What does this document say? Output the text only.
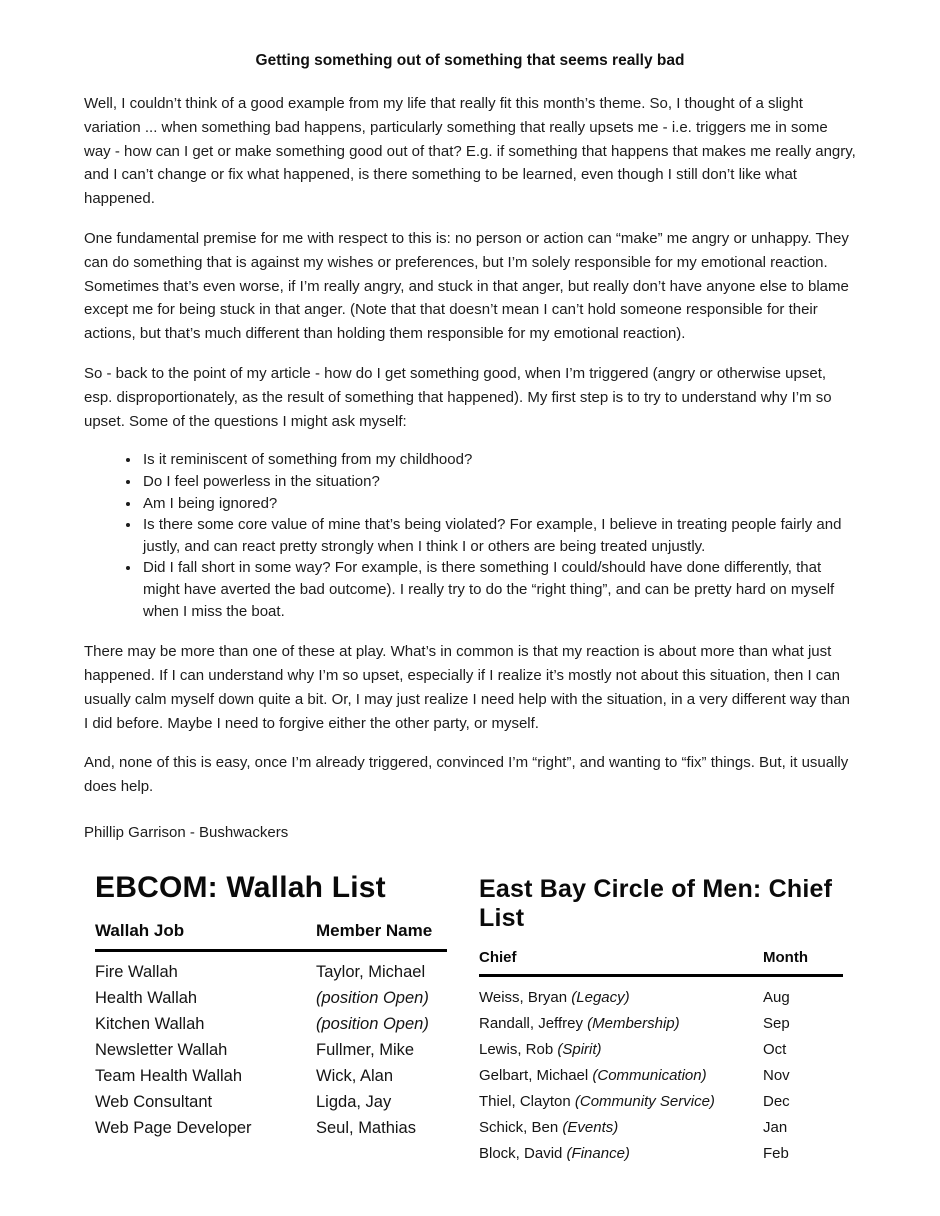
Getting something out of something that seems really bad

Well, I couldn’t think of a good example from my life that really fit this month’s theme. So, I thought of a slight variation ... when something bad happens, particularly something that really upsets me - i.e. triggers me in some way - how can I get or make something good out of that? E.g. if something that happens that makes me really angry, and I can’t change or fix what happened, is there something to be learned, even though I still don’t like what happened.

One fundamental premise for me with respect to this is: no person or action can “make” me angry or unhappy. They can do something that is against my wishes or preferences, but I’m solely responsible for my emotional reaction. Sometimes that’s even worse, if I’m really angry, and stuck in that anger, but really don’t have anyone else to blame except me for being stuck in that anger. (Note that that doesn’t mean I can’t hold someone responsible for their actions, but that’s much different than holding them responsible for my emotional reaction).

So - back to the point of my article - how do I get something good, when I’m triggered (angry or otherwise upset, esp. disproportionately, as the result of something that happened). My first step is to try to understand why I’m so upset. Some of the questions I might ask myself:

• Is it reminiscent of something from my childhood?
• Do I feel powerless in the situation?
• Am I being ignored?
• Is there some core value of mine that’s being violated? For example, I believe in treating people fairly and justly, and can react pretty strongly when I think I or others are being treated unjustly.
• Did I fall short in some way? For example, is there something I could/should have done differently, that might have averted the bad outcome). I really try to do the “right thing”, and can be pretty hard on myself when I miss the boat.

There may be more than one of these at play. What’s in common is that my reaction is about more than what just happened. If I can understand why I’m so upset, especially if I realize it’s mostly not about this situation, then I can usually calm myself down quite a bit. Or, I may just realize I need help with the situation, in a very different way than I did before. Maybe I need to forgive either the other party, or myself.

And, none of this is easy, once I’m already triggered, convinced I’m “right”, and wanting to “fix” things. But, it usually does help.

Phillip Garrison - Bushwackers

EBCOM: Wallah List
Wallah Job	Member Name
Fire Wallah	Taylor, Michael
Health Wallah	(position Open)
Kitchen Wallah	(position Open)
Newsletter Wallah	Fullmer, Mike
Team Health Wallah	Wick, Alan
Web Consultant	Ligda, Jay
Web Page Developer	Seul, Mathias
East Bay Circle of Men: Chief List
Chief	Month
Weiss, Bryan (Legacy)	Aug
Randall, Jeffrey (Membership)	Sep
Lewis, Rob (Spirit)	Oct
Gelbart, Michael (Communication)	Nov
Thiel, Clayton (Community Service)	Dec
Schick, Ben (Events)	Jan
Block, David (Finance)	Feb
